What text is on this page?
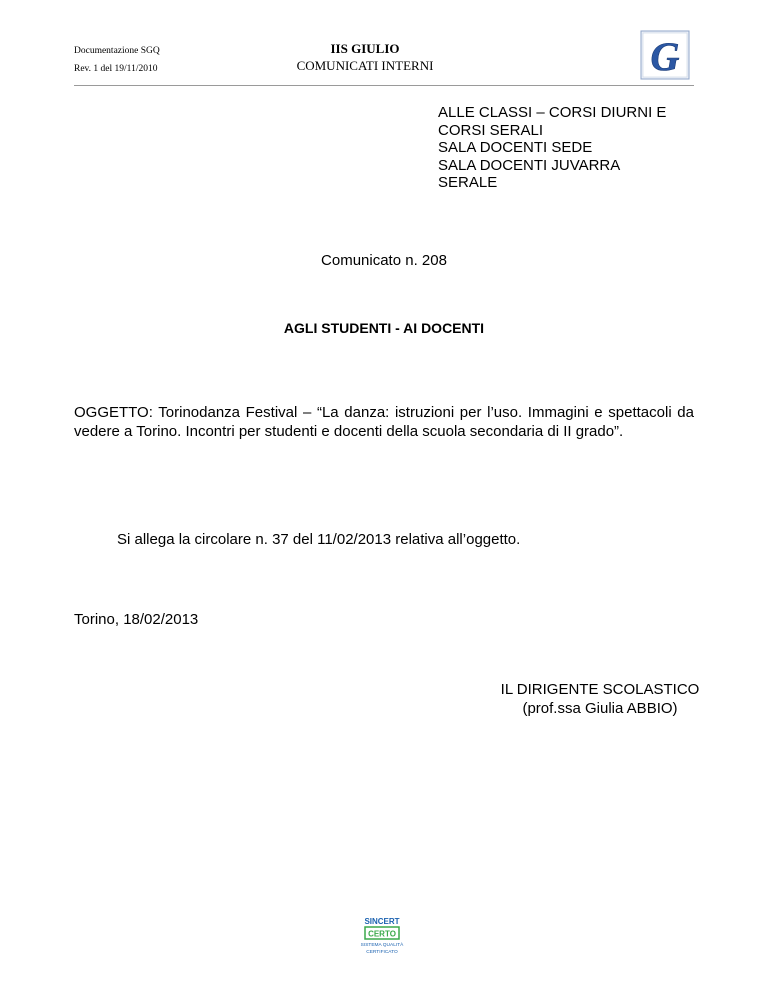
Documentazione SGQ
Rev. 1 del 19/11/2010
IIS GIULIO
COMUNICATI INTERNI	G
ALLE CLASSI – CORSI DIURNI E CORSI SERALI
SALA DOCENTI SEDE
SALA DOCENTI JUVARRA
SERALE
Comunicato n. 208
AGLI STUDENTI - AI DOCENTI
OGGETTO: Torinodanza Festival – “La danza: istruzioni per l’uso. Immagini e spettacoli da vedere a Torino. Incontri per studenti e docenti della scuola secondaria di II grado”.
Si allega la circolare n. 37 del 11/02/2013 relativa all’oggetto.
Torino, 18/02/2013
IL DIRIGENTE SCOLASTICO
(prof.ssa Giulia ABBIO)
SINCERT
CERTO
SISTEMA QUALITÀ
CERTIFICATO
